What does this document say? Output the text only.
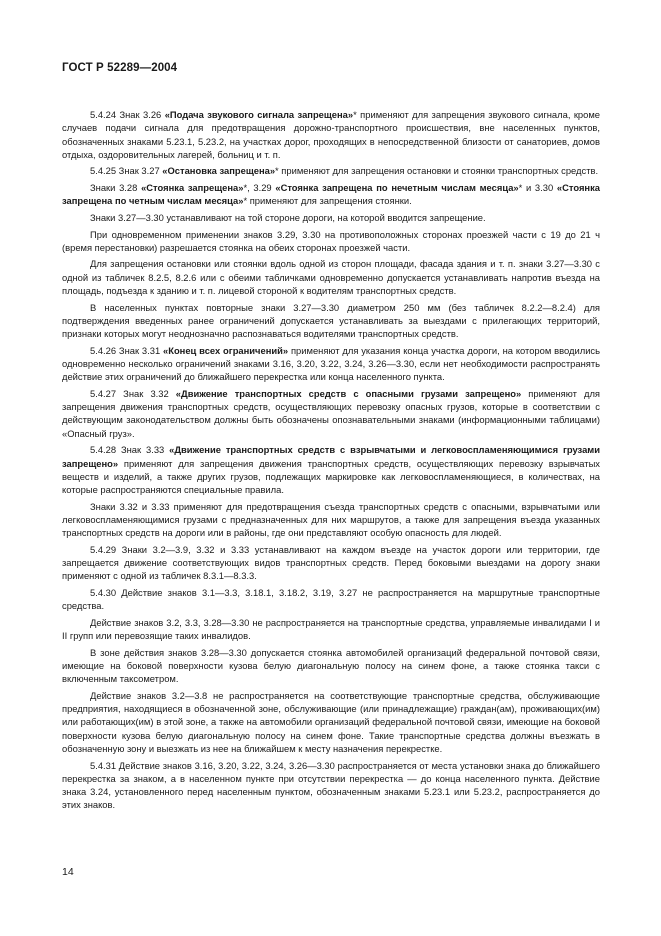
ГОСТ Р 52289—2004

5.4.24 Знак 3.26 «Подача звукового сигнала запрещена»* применяют для запрещения звукового сигнала, кроме случаев подачи сигнала для предотвращения дорожно-транспортного происшествия, вне населенных пунктов, обозначенных знаками 5.23.1, 5.23.2, на участках дорог, проходящих в непосредственной близости от санаториев, домов отдыха, оздоровительных лагерей, больниц и т. п.

5.4.25 Знак 3.27 «Остановка запрещена»* применяют для запрещения остановки и стоянки транспортных средств.

Знаки 3.28 «Стоянка запрещена»*, 3.29 «Стоянка запрещена по нечетным числам месяца»* и 3.30 «Стоянка запрещена по четным числам месяца»* применяют для запрещения стоянки.

Знаки 3.27—3.30 устанавливают на той стороне дороги, на которой вводится запрещение.

При одновременном применении знаков 3.29, 3.30 на противоположных сторонах проезжей части с 19 до 21 ч (время перестановки) разрешается стоянка на обеих сторонах проезжей части.

Для запрещения остановки или стоянки вдоль одной из сторон площади, фасада здания и т. п. знаки 3.27—3.30 с одной из табличек 8.2.5, 8.2.6 или с обеими табличками одновременно допускается устанавливать напротив въезда на площадь, подъезда к зданию и т. п. лицевой стороной к водителям транспортных средств.

В населенных пунктах повторные знаки 3.27—3.30 диаметром 250 мм (без табличек 8.2.2—8.2.4) для подтверждения введенных ранее ограничений допускается устанавливать за выездами с прилегающих территорий, признаки которых могут неоднозначно распознаваться водителями транспортных средств.

5.4.26 Знак 3.31 «Конец всех ограничений» применяют для указания конца участка дороги, на котором вводились одновременно несколько ограничений знаками 3.16, 3.20, 3.22, 3.24, 3.26—3.30, если нет необходимости распространять действие этих ограничений до ближайшего перекрестка или конца населенного пункта.

5.4.27 Знак 3.32 «Движение транспортных средств с опасными грузами запрещено» применяют для запрещения движения транспортных средств, осуществляющих перевозку опасных грузов, которые в соответствии с действующим законодательством должны быть обозначены опознавательными знаками (информационными таблицами) «Опасный груз».

5.4.28 Знак 3.33 «Движение транспортных средств с взрывчатыми и легковоспламеняющимися грузами запрещено» применяют для запрещения движения транспортных средств, осуществляющих перевозку взрывчатых веществ и изделий, а также других грузов, подлежащих маркировке как легковоспламеняющиеся, в количествах, на которые распространяются специальные правила.

Знаки 3.32 и 3.33 применяют для предотвращения съезда транспортных средств с опасными, взрывчатыми или легковоспламеняющимися грузами с предназначенных для них маршрутов, а также для запрещения въезда указанных транспортных средств на дороги или в районы, где они представляют особую опасность для людей.

5.4.29 Знаки 3.2—3.9, 3.32 и 3.33 устанавливают на каждом въезде на участок дороги или территории, где запрещается движение соответствующих видов транспортных средств. Перед боковыми выездами на дорогу знаки применяют с одной из табличек 8.3.1—8.3.3.

5.4.30 Действие знаков 3.1—3.3, 3.18.1, 3.18.2, 3.19, 3.27 не распространяется на маршрутные транспортные средства.

Действие знаков 3.2, 3.3, 3.28—3.30 не распространяется на транспортные средства, управляемые инвалидами I и II групп или перевозящие таких инвалидов.

В зоне действия знаков 3.28—3.30 допускается стоянка автомобилей организаций федеральной почтовой связи, имеющие на боковой поверхности кузова белую диагональную полосу на синем фоне, а также стоянка такси с включенным таксометром.

Действие знаков 3.2—3.8 не распространяется на соответствующие транспортные средства, обслуживающие предприятия, находящиеся в обозначенной зоне, обслуживающие (или принадлежащие) граждан(ам), проживающих(им) или работающих(им) в этой зоне, а также на автомобили организаций федеральной почтовой связи, имеющие на боковой поверхности кузова белую диагональную полосу на синем фоне. Такие транспортные средства должны въезжать в обозначенную зону и выезжать из нее на ближайшем к месту назначения перекрестке.

5.4.31 Действие знаков 3.16, 3.20, 3.22, 3.24, 3.26—3.30 распространяется от места установки знака до ближайшего перекрестка за знаком, а в населенном пункте при отсутствии перекрестка — до конца населенного пункта. Действие знака 3.24, установленного перед населенным пунктом, обозначенным знаками 5.23.1 или 5.23.2, распространяется до этих знаков.

14
